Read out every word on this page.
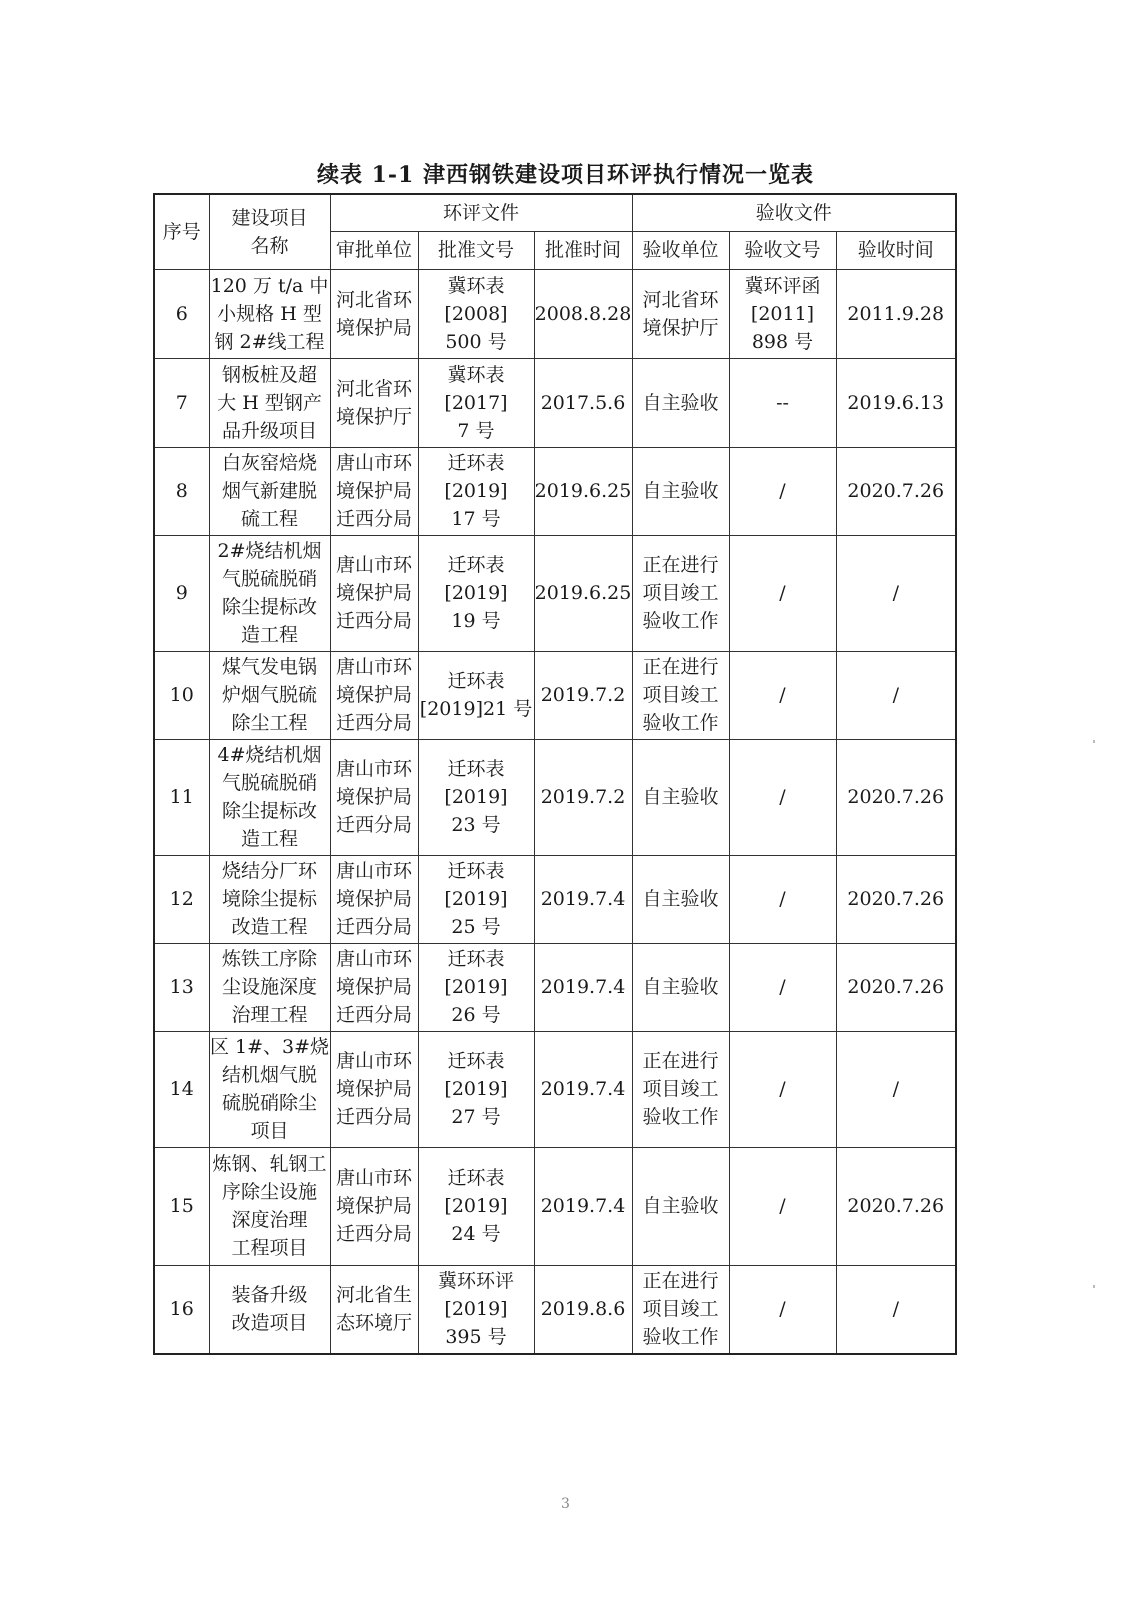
续表 1-1 津西钢铁建设项目环评执行情况一览表
序号	建设项目
名称	环评文件			验收文件		
		审批单位	批准文号	批准时间	验收单位	验收文号	验收时间
6	120 万 t/a 中
小规格 H 型
钢 2#线工程	河北省环
境保护局	冀环表
[2008]
500 号	2008.8.28	河北省环
境保护厅	冀环评函
[2011]
898 号	2011.9.28
7	钢板桩及超
大 H 型钢产
品升级项目	河北省环
境保护厅	冀环表
[2017]
7 号	2017.5.6	自主验收	--	2019.6.13
8	白灰窑焙烧
烟气新建脱
硫工程	唐山市环
境保护局
迁西分局	迁环表
[2019]
17 号	2019.6.25	自主验收	/	2020.7.26
9	2#烧结机烟
气脱硫脱硝
除尘提标改
造工程	唐山市环
境保护局
迁西分局	迁环表
[2019]
19 号	2019.6.25	正在进行
项目竣工
验收工作	/	/
10	煤气发电锅
炉烟气脱硫
除尘工程	唐山市环
境保护局
迁西分局	迁环表
[2019]21 号	2019.7.2	正在进行
项目竣工
验收工作	/	/
11	4#烧结机烟
气脱硫脱硝
除尘提标改
造工程	唐山市环
境保护局
迁西分局	迁环表
[2019]
23 号	2019.7.2	自主验收	/	2020.7.26
12	烧结分厂环
境除尘提标
改造工程	唐山市环
境保护局
迁西分局	迁环表
[2019]
25 号	2019.7.4	自主验收	/	2020.7.26
13	炼铁工序除
尘设施深度
治理工程	唐山市环
境保护局
迁西分局	迁环表
[2019]
26 号	2019.7.4	自主验收	/	2020.7.26
14	区 1#、3#烧
结机烟气脱
硫脱硝除尘
项目	唐山市环
境保护局
迁西分局	迁环表
[2019]
27 号	2019.7.4	正在进行
项目竣工
验收工作	/	/
15	炼钢、轧钢工
序除尘设施
深度治理
工程项目	唐山市环
境保护局
迁西分局	迁环表
[2019]
24 号	2019.7.4	自主验收	/	2020.7.26
16	装备升级
改造项目	河北省生
态环境厅	冀环环评
[2019]
395 号	2019.8.6	正在进行
项目竣工
验收工作	/	/
3
